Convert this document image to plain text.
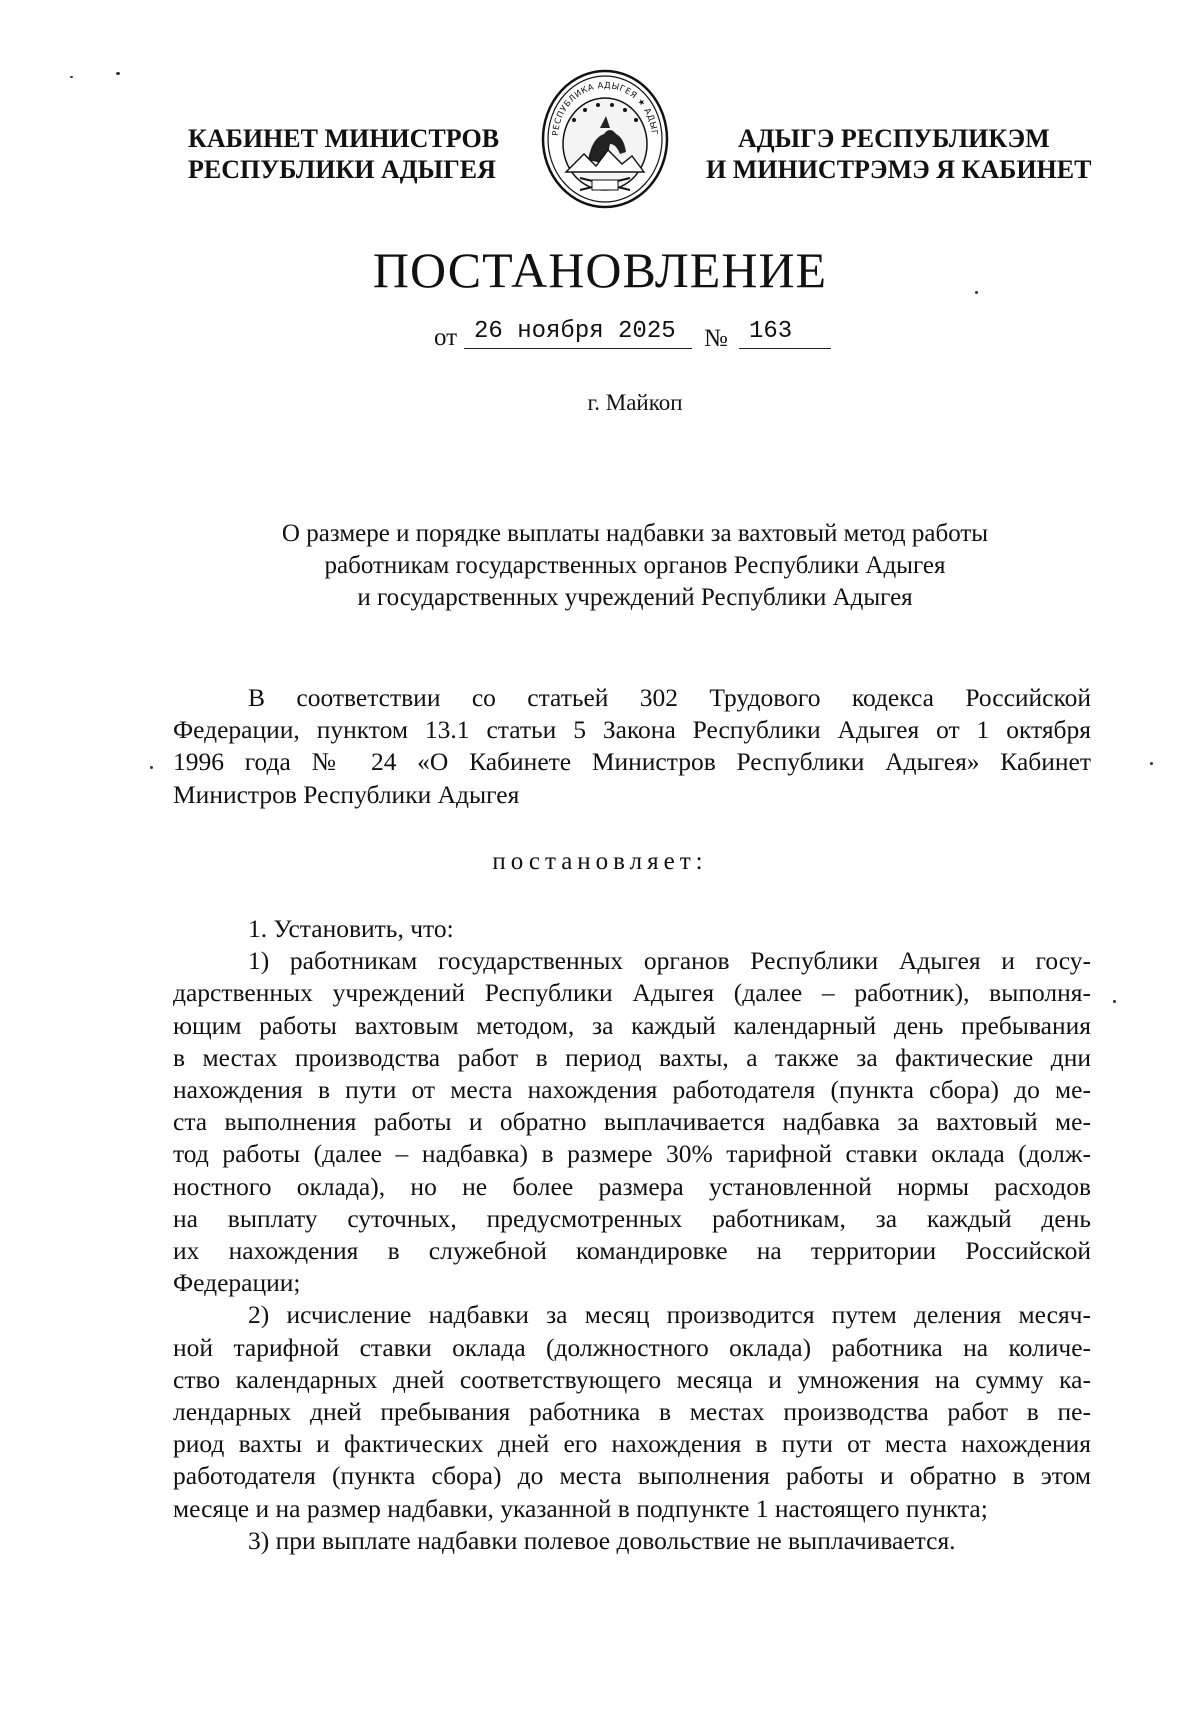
КАБИНЕТ МИНИСТРОВ
РЕСПУБЛИКИ АДЫГЕЯ
РЕСПУБЛИКА АДЫГЕЯ ★ АДЫГ	АДЫГЭ РЕСПУБЛИКЭМ
И МИНИСТРЭМЭ Я КАБИНЕТ
ПОСТАНОВЛЕНИЕ
от 26 ноября 2025 № 163
г. Майкоп
О размере и порядке выплаты надбавки за вахтовый метод работы
работникам государственных органов Республики Адыгея
и государственных учреждений Республики Адыгея
В соответствии со статьей 302 Трудового кодекса Российской
Федерации, пунктом 13.1 статьи 5 Закона Республики Адыгея от 1 октября
1996 года № 24 «О Кабинете Министров Республики Адыгея» Кабинет
Министров Республики Адыгея
постановляет:
1. Установить, что:
1) работникам государственных органов Республики Адыгея и госу-
дарственных учреждений Республики Адыгея (далее – работник), выполня-
ющим работы вахтовым методом, за каждый календарный день пребывания
в местах производства работ в период вахты, а также за фактические дни
нахождения в пути от места нахождения работодателя (пункта сбора) до ме-
ста выполнения работы и обратно выплачивается надбавка за вахтовый ме-
тод работы (далее – надбавка) в размере 30% тарифной ставки оклада (долж-
ностного оклада), но не более размера установленной нормы расходов
на выплату суточных, предусмотренных работникам, за каждый день
их нахождения в служебной командировке на территории Российской
Федерации;
2) исчисление надбавки за месяц производится путем деления месяч-
ной тарифной ставки оклада (должностного оклада) работника на количе-
ство календарных дней соответствующего месяца и умножения на сумму ка-
лендарных дней пребывания работника в местах производства работ в пе-
риод вахты и фактических дней его нахождения в пути от места нахождения
работодателя (пункта сбора) до места выполнения работы и обратно в этом
месяце и на размер надбавки, указанной в подпункте 1 настоящего пункта;
3) при выплате надбавки полевое довольствие не выплачивается.
